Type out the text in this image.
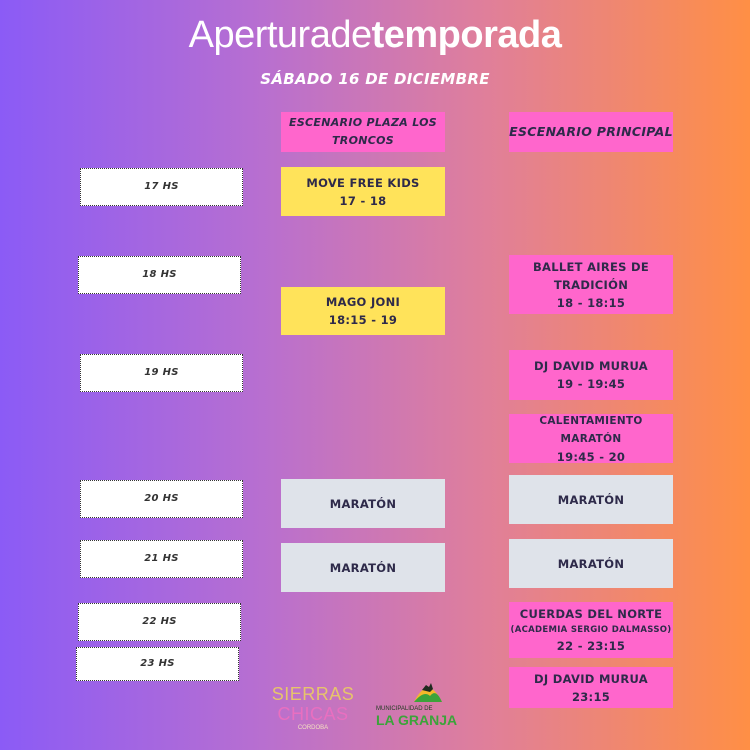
Aperturadetemporada
SÁBADO 16 DE DICIEMBRE
ESCENARIO PLAZA LOS TRONCOS
ESCENARIO PRINCIPAL
17 HS
18 HS
19 HS
20 HS
21 HS
22 HS
23 HS
MOVE FREE KIDS
17 - 18
MAGO JONI
18:15 - 19
MARATÓN
MARATÓN
BALLET AIRES DE
TRADICIÓN
18 - 18:15
DJ DAVID MURUA
19 - 19:45
CALENTAMIENTO MARATÓN
19:45 - 20
MARATÓN
MARATÓN
CUERDAS DEL NORTE
(ACADEMIA SERGIO DALMASSO)
22 - 23:15
DJ DAVID MURUA
23:15
SIERRAS
CHICAS
CORDOBA
MUNICIPALIDAD DE
LA GRANJA
